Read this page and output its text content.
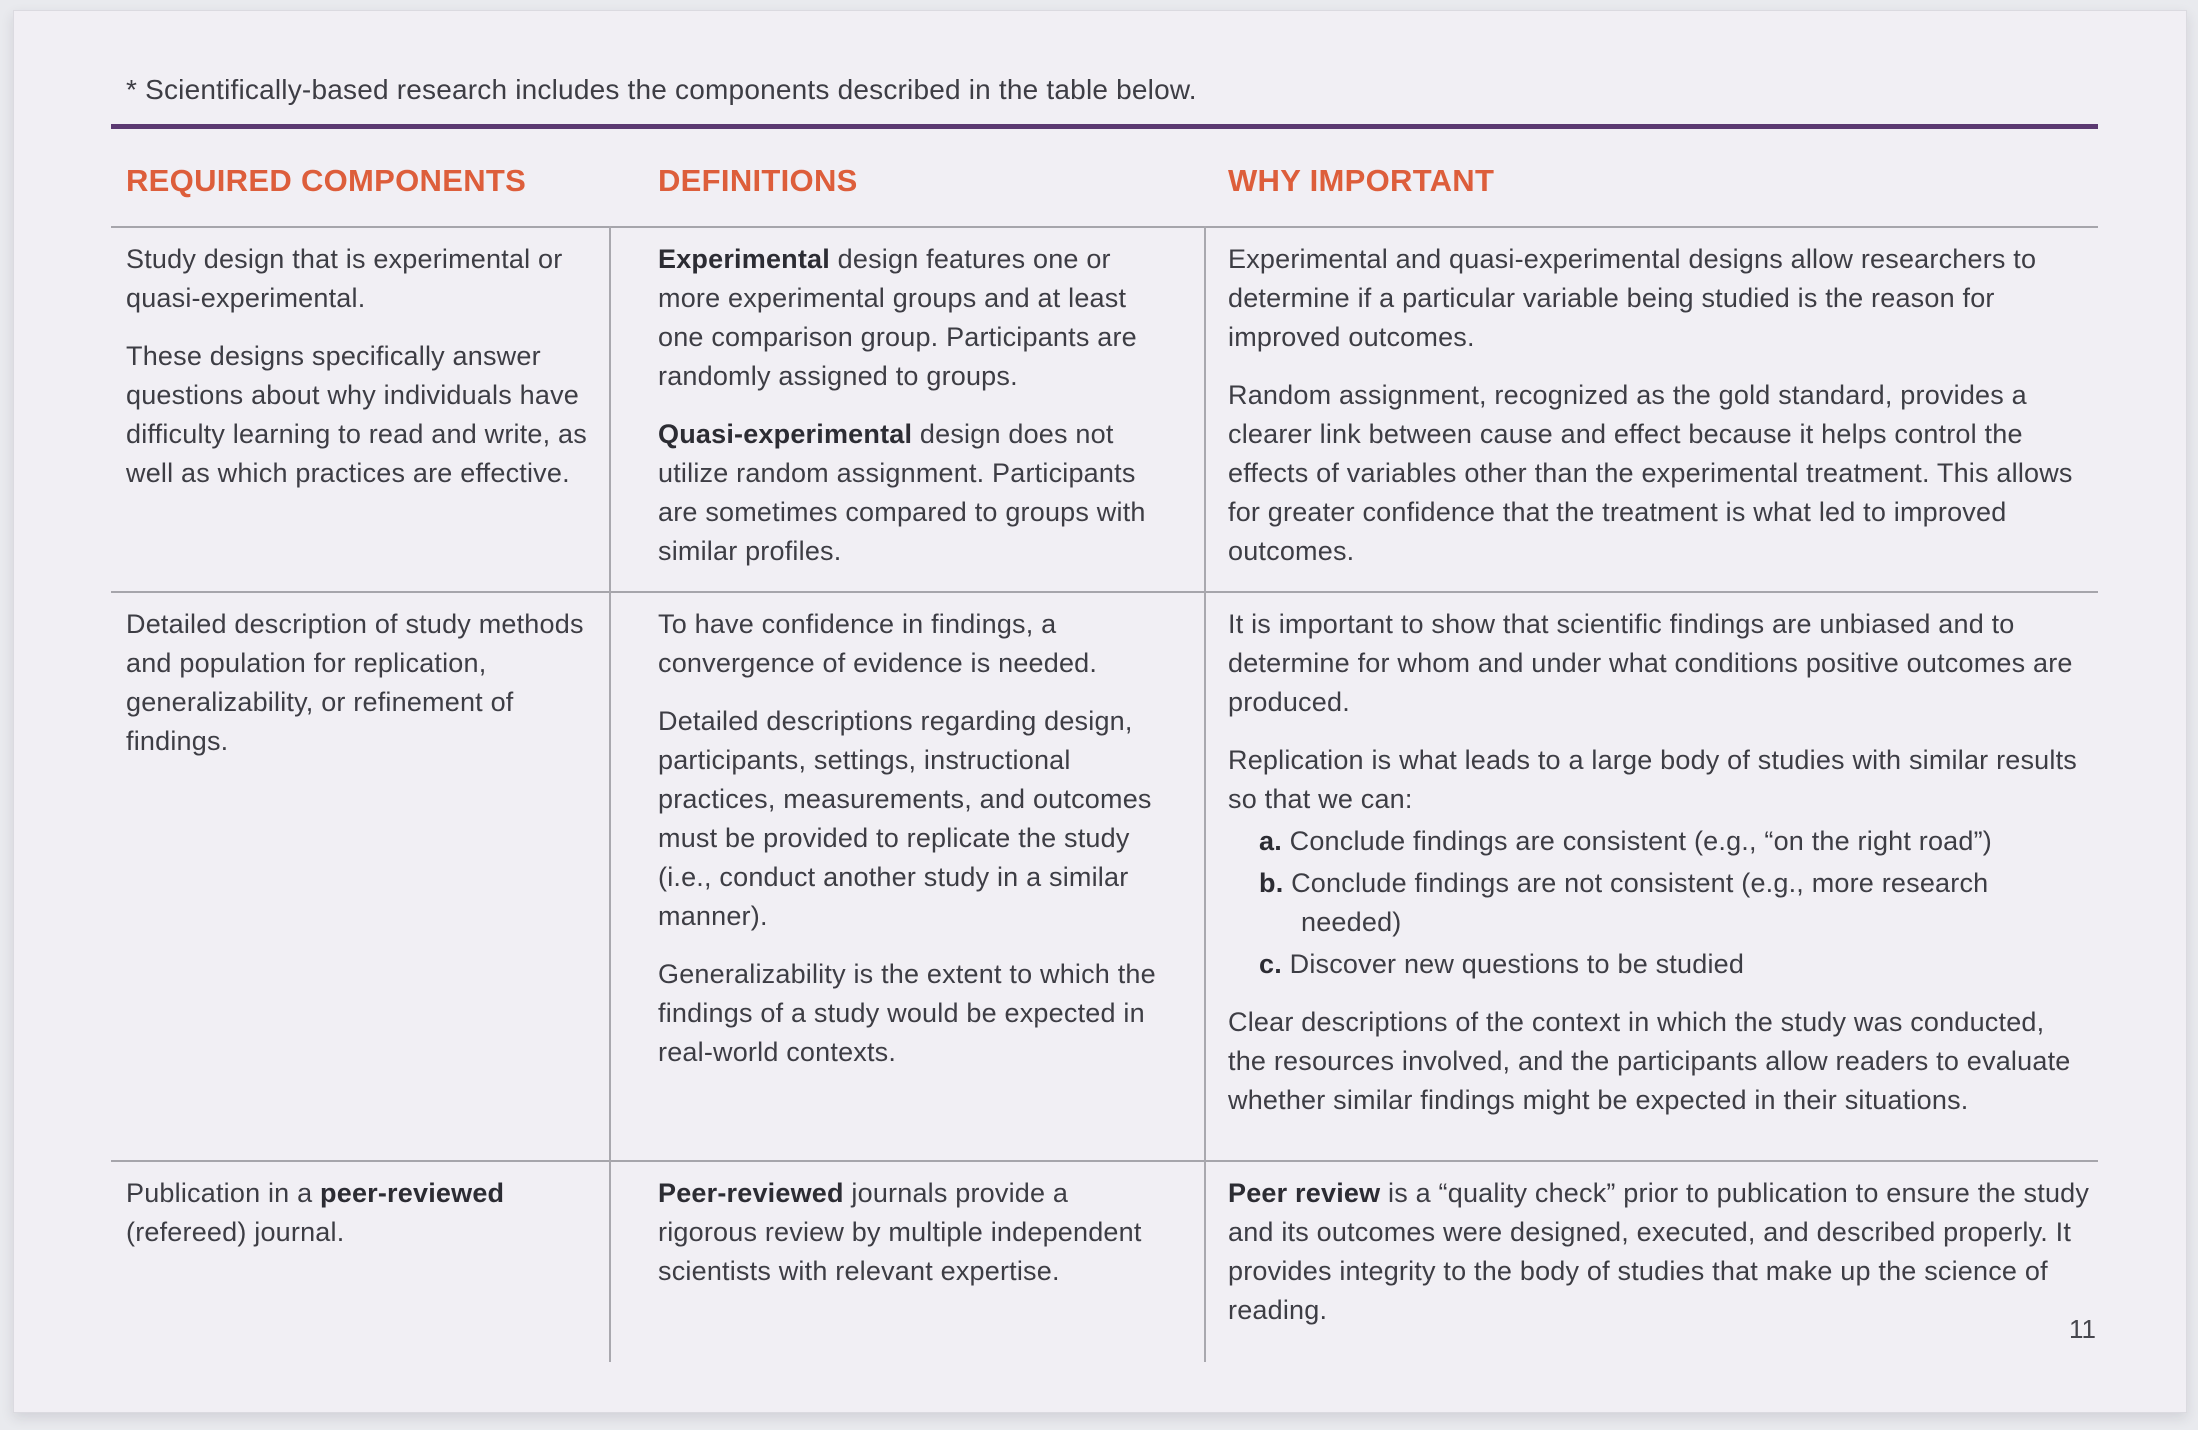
* Scientifically-based research includes the components described in the table below.
REQUIRED COMPONENTS	DEFINITIONS	WHY IMPORTANT
Study design that is experimental or quasi-experimental.
These designs specifically answer questions about why individuals have difficulty learning to read and write, as well as which practices are effective.
Experimental design features one or more experimental groups and at least one comparison group. Participants are randomly assigned to groups.
Quasi-experimental design does not utilize random assignment. Participants are sometimes compared to groups with similar profiles.
Experimental and quasi-experimental designs allow researchers to determine if a particular variable being studied is the reason for improved outcomes.
Random assignment, recognized as the gold standard, provides a clearer link between cause and effect because it helps control the effects of variables other than the experimental treatment. This allows for greater confidence that the treatment is what led to improved outcomes.
Detailed description of study methods and population for replication, generalizability, or refinement of findings.
To have confidence in findings, a convergence of evidence is needed.
Detailed descriptions regarding design, participants, settings, instructional practices, measurements, and outcomes must be provided to replicate the study (i.e., conduct another study in a similar manner).
Generalizability is the extent to which the findings of a study would be expected in real-world contexts.
It is important to show that scientific findings are unbiased and to determine for whom and under what conditions positive outcomes are produced.
Replication is what leads to a large body of studies with similar results so that we can:
a. Conclude findings are consistent (e.g., “on the right road”)
b. Conclude findings are not consistent (e.g., more research needed)
c. Discover new questions to be studied
Clear descriptions of the context in which the study was conducted, the resources involved, and the participants allow readers to evaluate whether similar findings might be expected in their situations.
Publication in a peer-reviewed (refereed) journal.
Peer-reviewed journals provide a rigorous review by multiple independent scientists with relevant expertise.
Peer review is a “quality check” prior to publication to ensure the study and its outcomes were designed, executed, and described properly. It provides integrity to the body of studies that make up the science of reading.
11
